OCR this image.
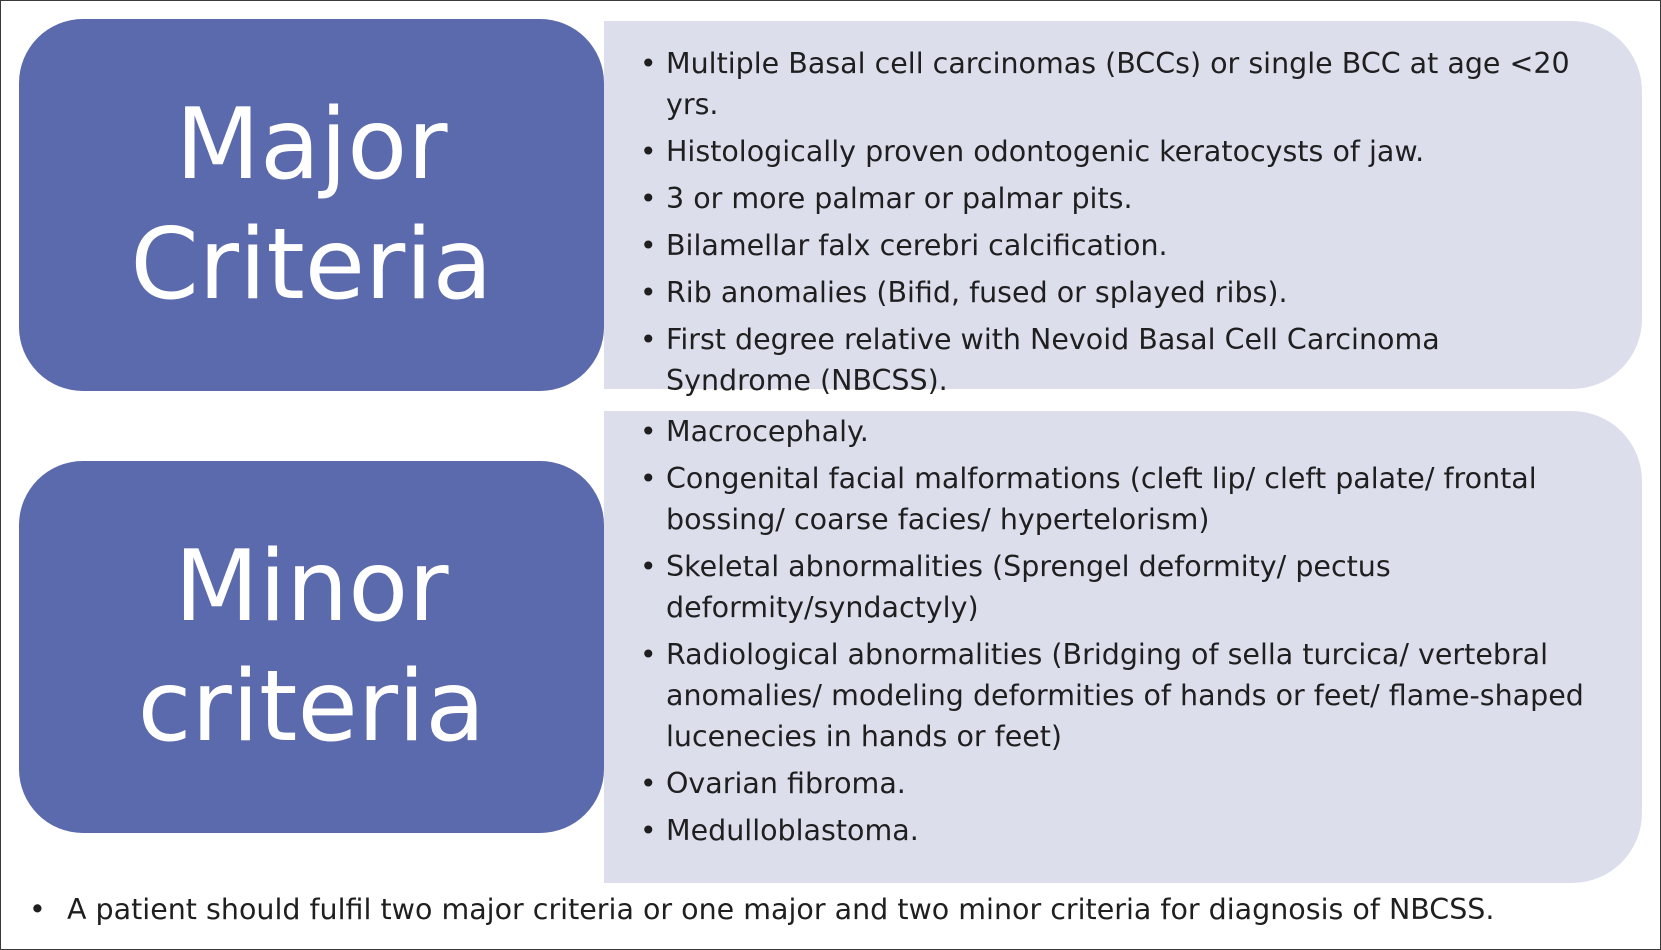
• Multiple Basal cell carcinomas (BCCs) or single BCC at age <20 yrs.
• Histologically proven odontogenic keratocysts of jaw.
• 3 or more palmar or palmar pits.
• Bilamellar falx cerebri calcification.
• Rib anomalies (Bifid, fused or splayed ribs).
• First degree relative with Nevoid Basal Cell Carcinoma Syndrome (NBCSS).
Major
Criteria
• Macrocephaly.
• Congenital facial malformations (cleft lip/ cleft palate/ frontal bossing/ coarse facies/ hypertelorism)
• Skeletal abnormalities (Sprengel deformity/ pectus deformity/syndactyly)
• Radiological abnormalities (Bridging of sella turcica/ vertebral anomalies/ modeling deformities of hands or feet/ flame-shaped lucenecies in hands or feet)
• Ovarian fibroma.
• Medulloblastoma.
Minor
criteria
• A patient should fulfil two major criteria or one major and two minor criteria for diagnosis of NBCSS.
